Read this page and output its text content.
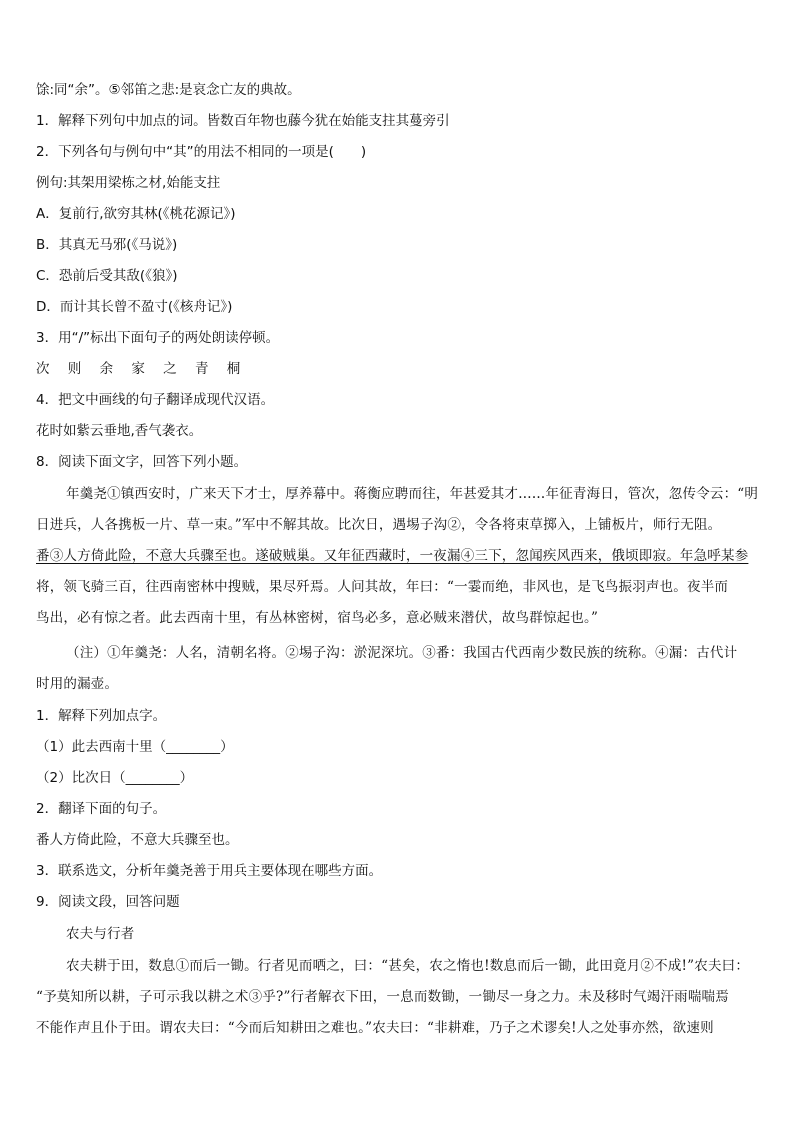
馀:同“余”。⑤邻笛之悲:是哀念亡友的典故。
1．解释下列句中加点的词。皆数百年物也藤今犹在始能支拄其蔓旁引
2．下列各句与例句中“其”的用法不相同的一项是(　　)
例句:其架用梁栋之材,始能支拄
A．复前行,欲穷其林(《桃花源记》)
B．其真无马邪(《马说》)
C．恐前后受其敌(《狼》)
D．而计其长曾不盈寸(《核舟记》)
3．用“/”标出下面句子的两处朗读停顿。
次 则 余 家 之 青 桐
4．把文中画线的句子翻译成现代汉语。
花时如紫云垂地,香气袭衣。
8．阅读下面文字，回答下列小题。
年羹尧①镇西安时，广来天下才士，厚养幕中。蒋衡应聘而往，年甚爱其才……年征青海日，管次，忽传令云：“明
日进兵，人各携板一片、草一束。”军中不解其故。比次日，遇埸子沟②，令各将束草掷入，上铺板片，师行无阻。
番③人方倚此险，不意大兵骤至也。遂破贼巢。又年征西藏时，一夜漏④三下，忽闻疾风西来，俄顷即寂。年急呼某参
将，领飞骑三百，往西南密林中搜贼，果尽歼焉。人问其故，年曰：“一霎而绝，非风也，是飞鸟振羽声也。夜半而
鸟出，必有惊之者。此去西南十里，有丛林密树，宿鸟必多，意必贼来潜伏，故鸟群惊起也。”
（注）①年羹尧：人名，清朝名将。②埸子沟：淤泥深坑。③番：我国古代西南少数民族的统称。④漏：古代计
时用的漏壶。
1．解释下列加点字。
（1）此去西南十里（________）
（2）比次日（________）
2．翻译下面的句子。
番人方倚此险，不意大兵骤至也。
3．联系选文，分析年羹尧善于用兵主要体现在哪些方面。
9．阅读文段，回答问题
农夫与行者
农夫耕于田，数息①而后一锄。行者见而哂之，曰：“甚矣，农之惰也!数息而后一锄，此田竟月②不成!”农夫曰：
“予莫知所以耕，子可示我以耕之术③乎?”行者解衣下田，一息而数锄，一锄尽一身之力。未及移时气竭汗雨喘喘焉
不能作声且仆于田。谓农夫曰：“今而后知耕田之难也。”农夫曰：“非耕难，乃子之术谬矣!人之处事亦然，欲速则
